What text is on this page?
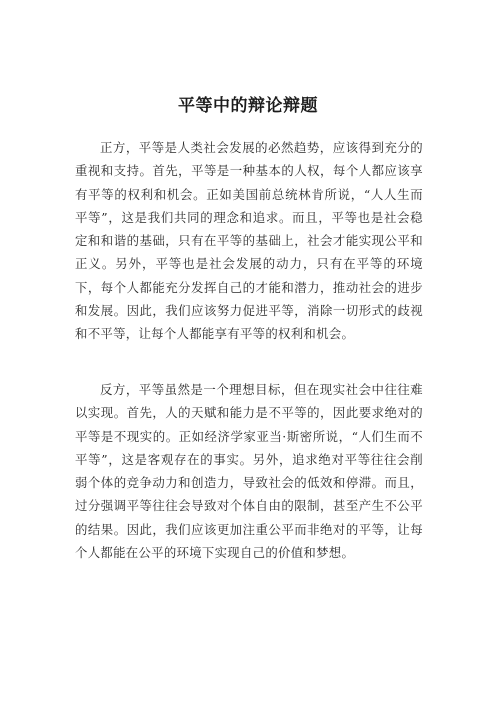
平等中的辩论辩题

正方，平等是人类社会发展的必然趋势，应该得到充分的重视和支持。首先，平等是一种基本的人权，每个人都应该享有平等的权利和机会。正如美国前总统林肯所说，“人人生而平等”，这是我们共同的理念和追求。而且，平等也是社会稳定和和谐的基础，只有在平等的基础上，社会才能实现公平和正义。另外，平等也是社会发展的动力，只有在平等的环境下，每个人都能充分发挥自己的才能和潜力，推动社会的进步和发展。因此，我们应该努力促进平等，消除一切形式的歧视和不平等，让每个人都能享有平等的权利和机会。

反方，平等虽然是一个理想目标，但在现实社会中往往难以实现。首先，人的天赋和能力是不平等的，因此要求绝对的平等是不现实的。正如经济学家亚当·斯密所说，“人们生而不平等”，这是客观存在的事实。另外，追求绝对平等往往会削弱个体的竞争动力和创造力，导致社会的低效和停滞。而且，过分强调平等往往会导致对个体自由的限制，甚至产生不公平的结果。因此，我们应该更加注重公平而非绝对的平等，让每个人都能在公平的环境下实现自己的价值和梦想。
